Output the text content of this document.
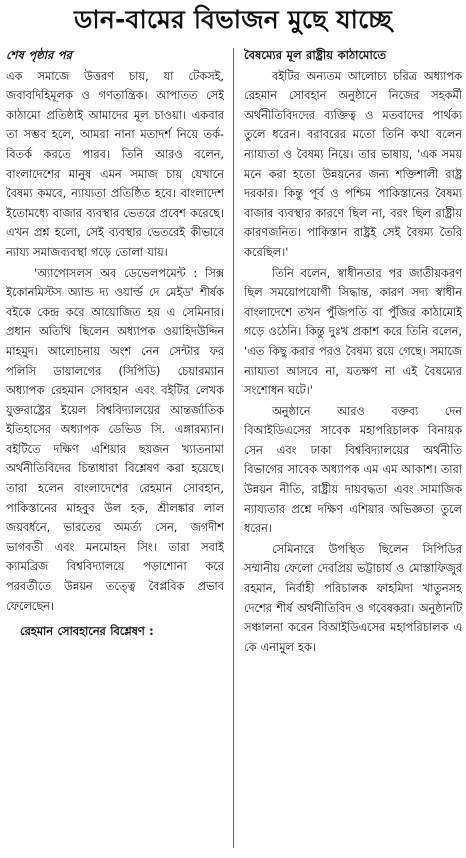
ডান-বামের বিভাজন মুছে যাচ্ছে

শেষ পৃষ্ঠার পর

এক সমাজে উত্তরণ চায়, যা টেকসই, জবাবদিহিমূলক ও গণতান্ত্রিক। আপাতত সেই কাঠামো প্রতিষ্ঠাই আমাদের মূল চাওয়া। একবার তা সম্ভব হলে, আমরা নানা মতাদর্শ নিয়ে তর্ক-বিতর্ক করতে পারব। তিনি আরও বলেন, বাংলাদেশের মানুষ এমন সমাজ চায় যেখানে বৈষম্য কমবে, ন্যায্যতা প্রতিষ্ঠিত হবে। বাংলাদেশ ইতোমধ্যে বাজার ব্যবস্থার ভেতরে প্রবেশ করেছে। এখন প্রশ্ন হলো, সেই ব্যবস্থার ভেতরেই কীভাবে ন্যায্য সমাজব্যবস্থা গড়ে তোলা যায়।

'অ্যাপোসলস অব ডেভেলপমেন্ট : সিক্স ইকোনমিস্টস অ্যান্ড দ্য ওয়ার্ল্ড দে মেইড' শীর্ষক বইকে কেন্দ্র করে আয়োজিত হয় এ সেমিনার। প্রধান অতিথি ছিলেন অধ্যাপক ওয়াহিদউদ্দিন মাহমুদ। আলোচনায় অংশ নেন সেন্টার ফর পলিসি ডায়ালগের (সিপিডি) চেয়ারম্যান অধ্যাপক রেহমান সোবহান এবং বইটির লেখক যুক্তরাষ্ট্রের ইয়েল বিশ্ববিদ্যালয়ের আন্তর্জাতিক ইতিহাসের অধ্যাপক ডেভিড সি. এঙ্গারম্যান। বইটিতে দক্ষিণ এশিয়ার ছয়জন খ্যাতনামা অর্থনীতিবিদের চিন্তাধারা বিশ্লেষণ করা হয়েছে। তারা হলেন বাংলাদেশের রেহমান সোবহান, পাকিস্তানের মাহবুব উল হক, শ্রীলঙ্কার লাল জয়বর্ধনে, ভারতের অমর্ত্য সেন, জগদীশ ভাগবতী এবং মনমোহন সিং। তারা সবাই ক্যামব্রিজ বিশ্ববিদ্যালয়ে পড়াশোনা করে পরবর্তীতে উন্নয়ন তত্ত্বে বৈপ্লবিক প্রভাব ফেলেছেন।

রেহমান সোবহানের বিশ্লেষণ :

বৈষম্যের মূল রাষ্ট্রীয় কাঠামোতে

বইটির অন্যতম আলোচ্য চরিত্র অধ্যাপক রেহমান সোবহান অনুষ্ঠানে নিজের সহকর্মী অর্থনীতিবিদদের ব্যক্তিত্ব ও মতবাদের পার্থক্য তুলে ধরেন। বরাবরের মতো তিনি কথা বলেন ন্যায্যতা ও বৈষম্য নিয়ে। তার ভাষায়, 'এক সময় মনে করা হতো উন্নয়নের জন্য শক্তিশালী রাষ্ট্র দরকার। কিন্তু পূর্ব ও পশ্চিম পাকিস্তানের বৈষম্য বাজার ব্যবস্থার কারণে ছিল না, বরং ছিল রাষ্ট্রীয় কারণজনিত। পাকিস্তান রাষ্ট্রই সেই বৈষম্য তৈরি করেছিল।'

তিনি বলেন, স্বাধীনতার পর জাতীয়করণ ছিল সময়োপযোগী সিদ্ধান্ত, কারণ সদ্য স্বাধীন বাংলাদেশে তখন পুঁজিপতি বা পুঁজির কাঠামোই গড়ে ওঠেনি। কিন্তু দুঃখ প্রকাশ করে তিনি বলেন, 'এত কিছু করার পরও বৈষম্য রয়ে গেছে। সমাজে ন্যায্যতা আসবে না, যতক্ষণ না এই বৈষম্যের সংশোধন ঘটে।'

অনুষ্ঠানে আরও বক্তব্য দেন বিআইডিএসের সাবেক মহাপরিচালক বিনায়ক সেন এবং ঢাকা বিশ্ববিদ্যালয়ের অর্থনীতি বিভাগের সাবেক অধ্যাপক এম এম আকাশ। তারা উন্নয়ন নীতি, রাষ্ট্রীয় দায়বদ্ধতা এবং সামাজিক ন্যায্যতার প্রশ্নে দক্ষিণ এশিয়ার অভিজ্ঞতা তুলে ধরেন।

সেমিনারে উপস্থিত ছিলেন সিপিডির সম্মানীয় ফেলো দেবপ্রিয় ভট্টাচার্য ও মোস্তাফিজুর রহমান, নির্বাহী পরিচালক ফাহমিদা খাতুনসহ দেশের শীর্ষ অর্থনীতিবিদ ও গবেষকরা। অনুষ্ঠানটি সঞ্চালনা করেন বিআইডিএসের মহাপরিচালক এ কে এনামুল হক।
